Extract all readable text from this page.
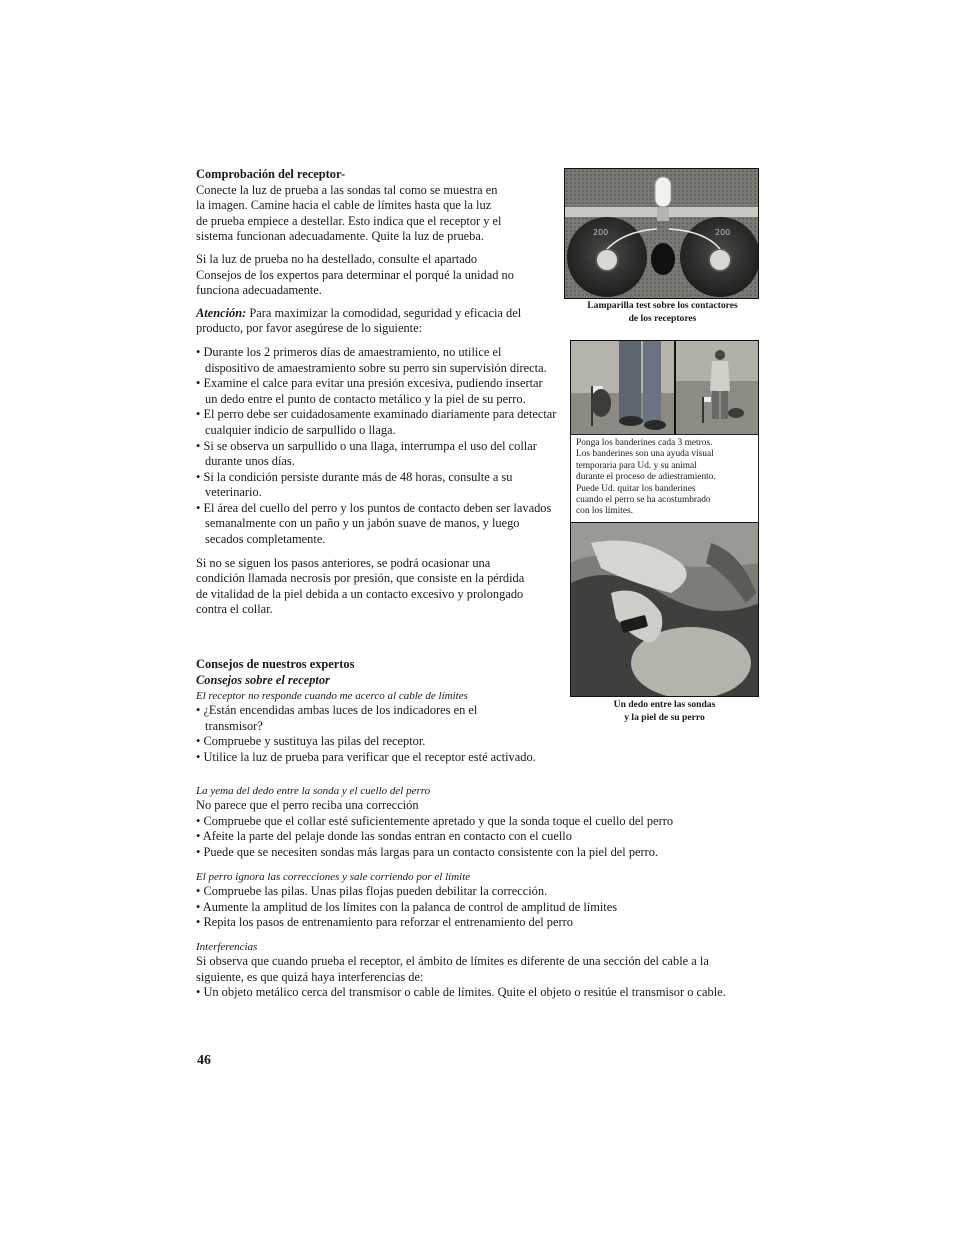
Comprobación del receptor-

Conecte la luz de prueba a las sondas tal como se muestra en
la imagen. Camine hacia el cable de límites hasta que la luz
de prueba empiece a destellar. Esto indica que el receptor y el
sistema funcionan adecuadamente. Quite la luz de prueba.
Si la luz de prueba no ha destellado, consulte el apartado
Consejos de los expertos para determinar el porqué la unidad no
funciona adecuadamente.
Atención: Para maximizar la comodidad, seguridad y eficacia del
producto, por favor asegúrese de lo siguiente:
• Durante los 2 primeros días de amaestramiento, no utilice el dispositivo de amaestramiento sobre su perro sin supervisión directa.
• Examine el calce para evitar una presión excesiva, pudiendo insertar un dedo entre el punto de contacto metálico y la piel de su perro.
• El perro debe ser cuidadosamente examinado diariamente para detectar cualquier indicio de sarpullido o llaga.
• Si se observa un sarpullido o una llaga, interrumpa el uso del collar durante unos días.
• Si la condición persiste durante más de 48 horas, consulte a su veterinario.
• El área del cuello del perro y los puntos de contacto deben ser lavados semanalmente con un paño y un jabón suave de manos, y luego secados completamente.
Si no se siguen los pasos anteriores, se podrá ocasionar una
condición llamada necrosis por presión, que consiste en la pérdida
de vitalidad de la piel debida a un contacto excesivo y prolongado
contra el collar.

Consejos de nuestros expertos

Consejos sobre el receptor

El receptor no responde cuando me acerco al cable de límites

• ¿Están encendidas ambas luces de los indicadores en el transmisor?
• Compruebe y sustituya las pilas del receptor.
• Utilice la luz de prueba para verificar que el receptor esté activado.

La yema del dedo entre la sonda y el cuello del perro

No parece que el perro reciba una corrección

• Compruebe que el collar esté suficientemente apretado y que la sonda toque el cuello del perro
• Afeite la parte del pelaje donde las sondas entran en contacto con el cuello
• Puede que se necesiten sondas más largas para un contacto consistente con la piel del perro.

El perro ignora las correcciones y sale corriendo por el límite

• Compruebe las pilas. Unas pilas flojas pueden debilitar la corrección.
• Aumente la amplitud de los límites con la palanca de control de amplitud de límites
• Repita los pasos de entrenamiento para reforzar el entrenamiento del perro

Interferencias

Si observa que cuando prueba el receptor, el ámbito de límites es diferente de una sección del cable a la
siguiente, es que quizá haya interferencias de:
• Un objeto metálico cerca del transmisor o cable de límites. Quite el objeto o resitúe el transmisor o cable.
46
200	200
Lamparilla test sobre los contactores
de los receptores
Ponga los banderines cada 3 metros.
Los banderines son una ayuda visual
temporaria para Ud. y su animal
durante el proceso de adiestramiento.
Puede Ud. quitar los banderines
cuando el perro se ha acostumbrado
con los límites.
Un dedo entre las sondas
y la piel de su perro
